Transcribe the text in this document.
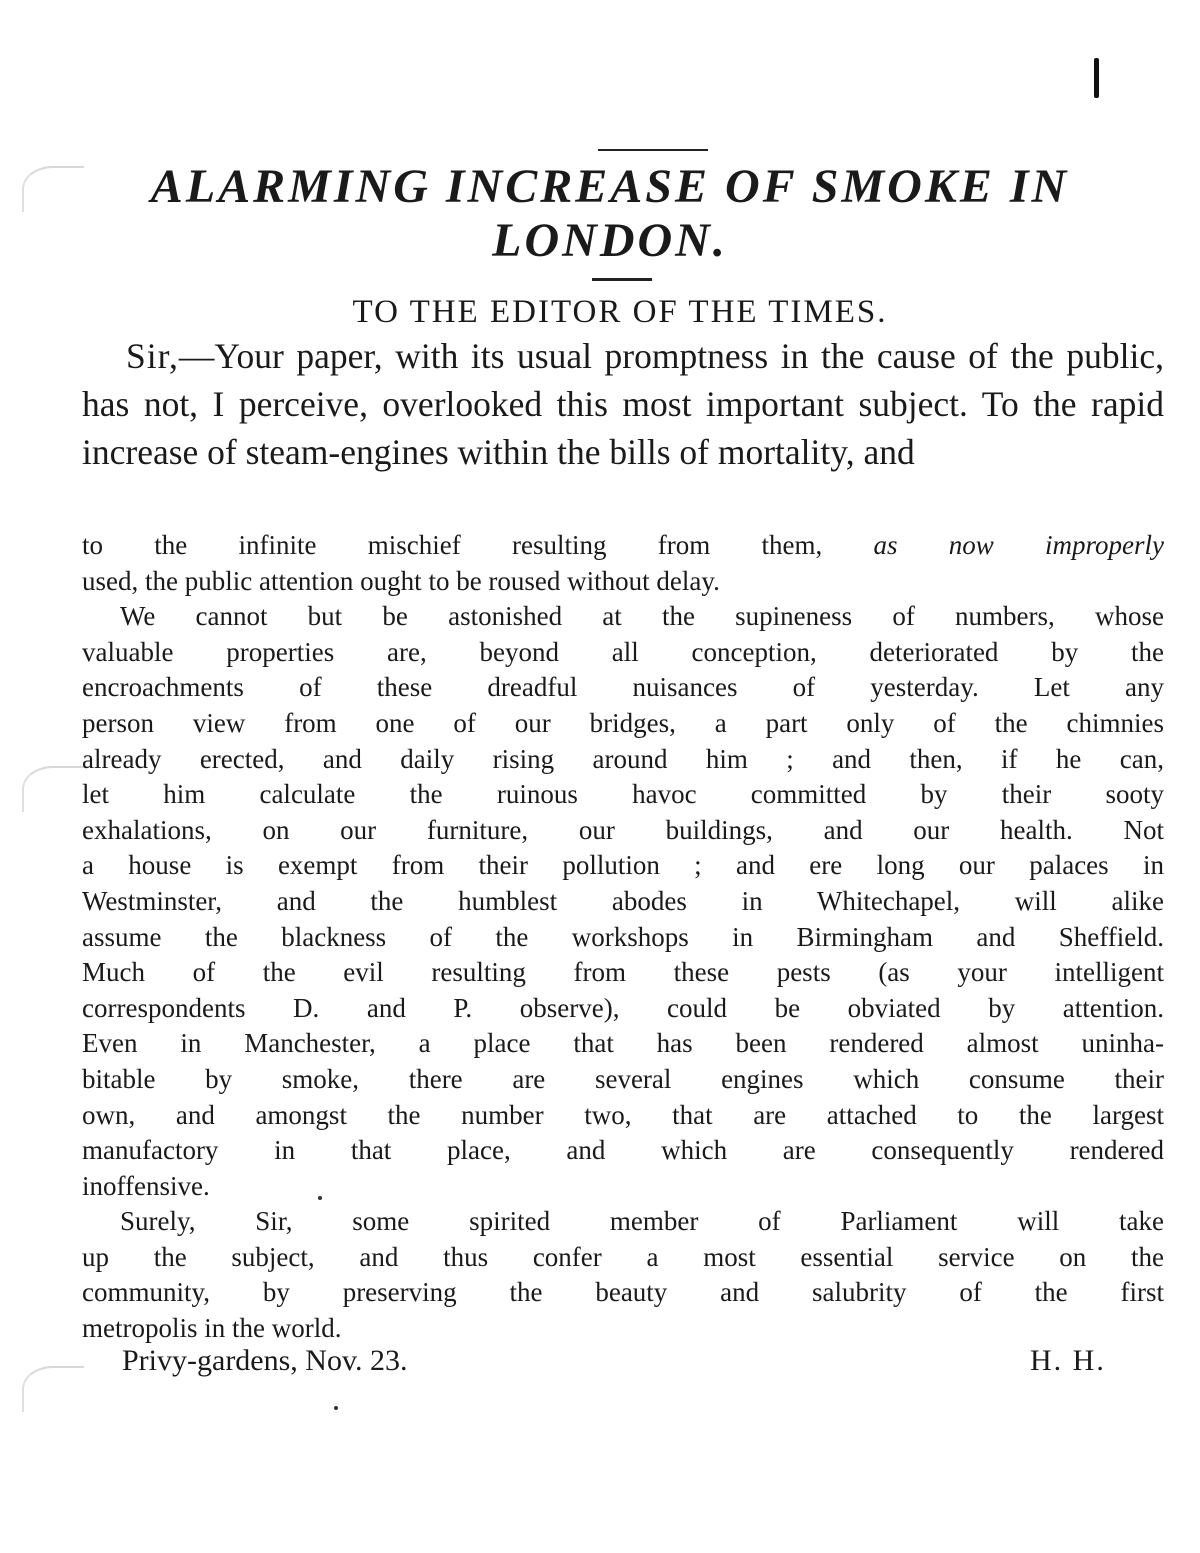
ALARMING INCREASE OF SMOKE IN
LONDON.

TO THE EDITOR OF THE TIMES.

Sir,—Your paper, with its usual promptness in the cause of the public, has not, I perceive, overlooked this most important subject. To the rapid increase of steam-engines within the bills of mortality, and

to the infinite mischief resulting from them, as now improperly
used, the public attention ought to be roused without delay.
We cannot but be astonished at the supineness of numbers, whose
valuable properties are, beyond all conception, deteriorated by the
encroachments of these dreadful nuisances of yesterday. Let any
person view from one of our bridges, a part only of the chimnies
already erected, and daily rising around him ; and then, if he can,
let him calculate the ruinous havoc committed by their sooty
exhalations, on our furniture, our buildings, and our health. Not
a house is exempt from their pollution ; and ere long our palaces in
Westminster, and the humblest abodes in Whitechapel, will alike
assume the blackness of the workshops in Birmingham and Sheffield.
Much of the evil resulting from these pests (as your intelligent
correspondents D. and P. observe), could be obviated by attention.
Even in Manchester, a place that has been rendered almost uninha-
bitable by smoke, there are several engines which consume their
own, and amongst the number two, that are attached to the largest
manufactory in that place, and which are consequently rendered
inoffensive.
Surely, Sir, some spirited member of Parliament will take
up the subject, and thus confer a most essential service on the
community, by preserving the beauty and salubrity of the first
metropolis in the world.
Privy-gardens, Nov. 23.	H. H.
